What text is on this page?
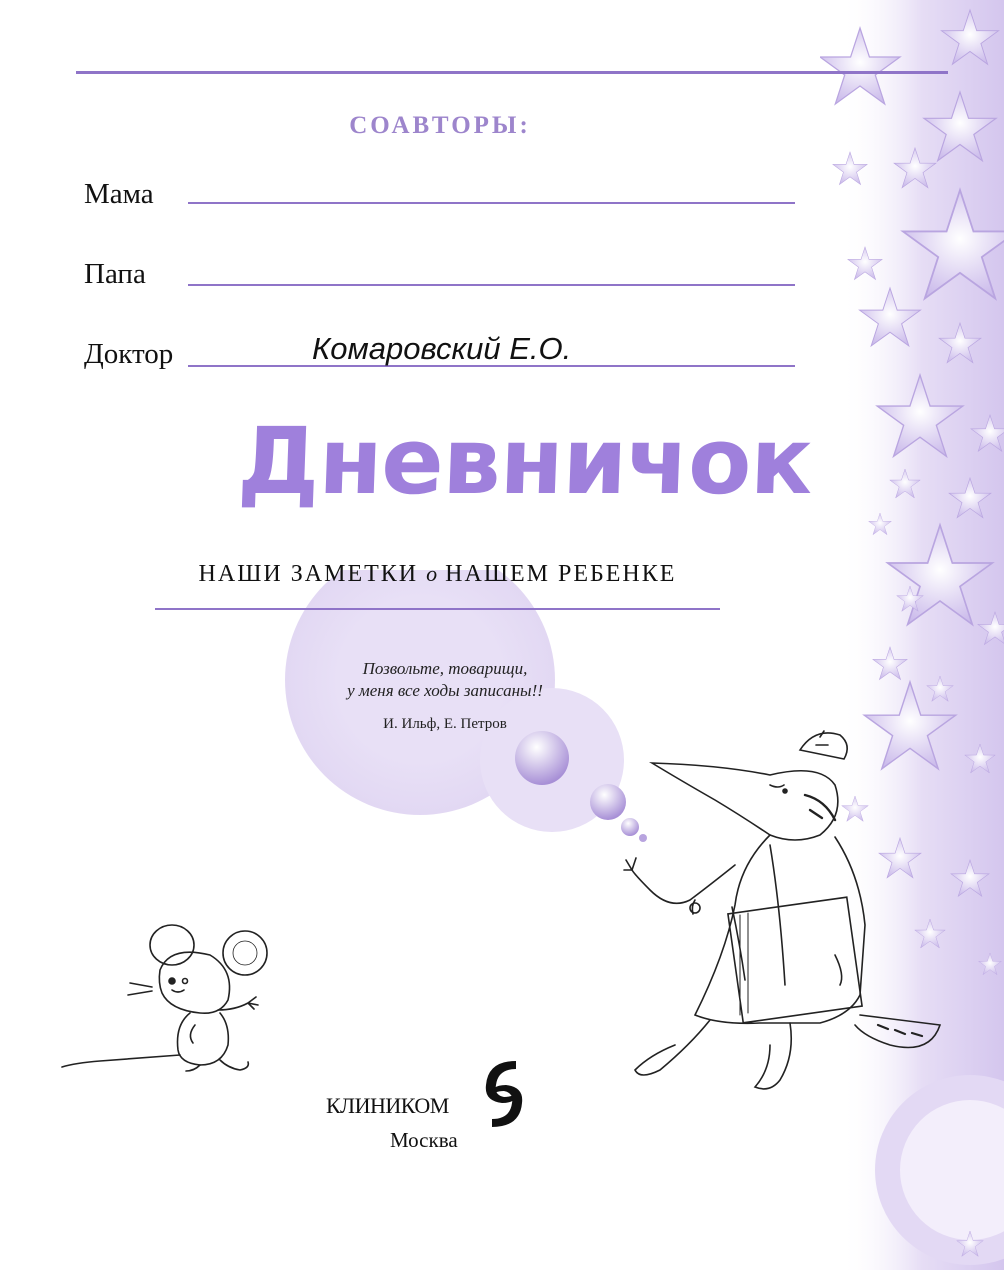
СОАВТОРЫ:
Мама
Папа
Доктор	Комаровский Е.О.
Дневничок
НАШИ ЗАМЕТКИ о НАШЕМ РЕБЕНКЕ
Позвольте, товарищи,
у меня все ходы записаны!!
И. Ильф, Е. Петров
КЛИНИКОМ
Москва
